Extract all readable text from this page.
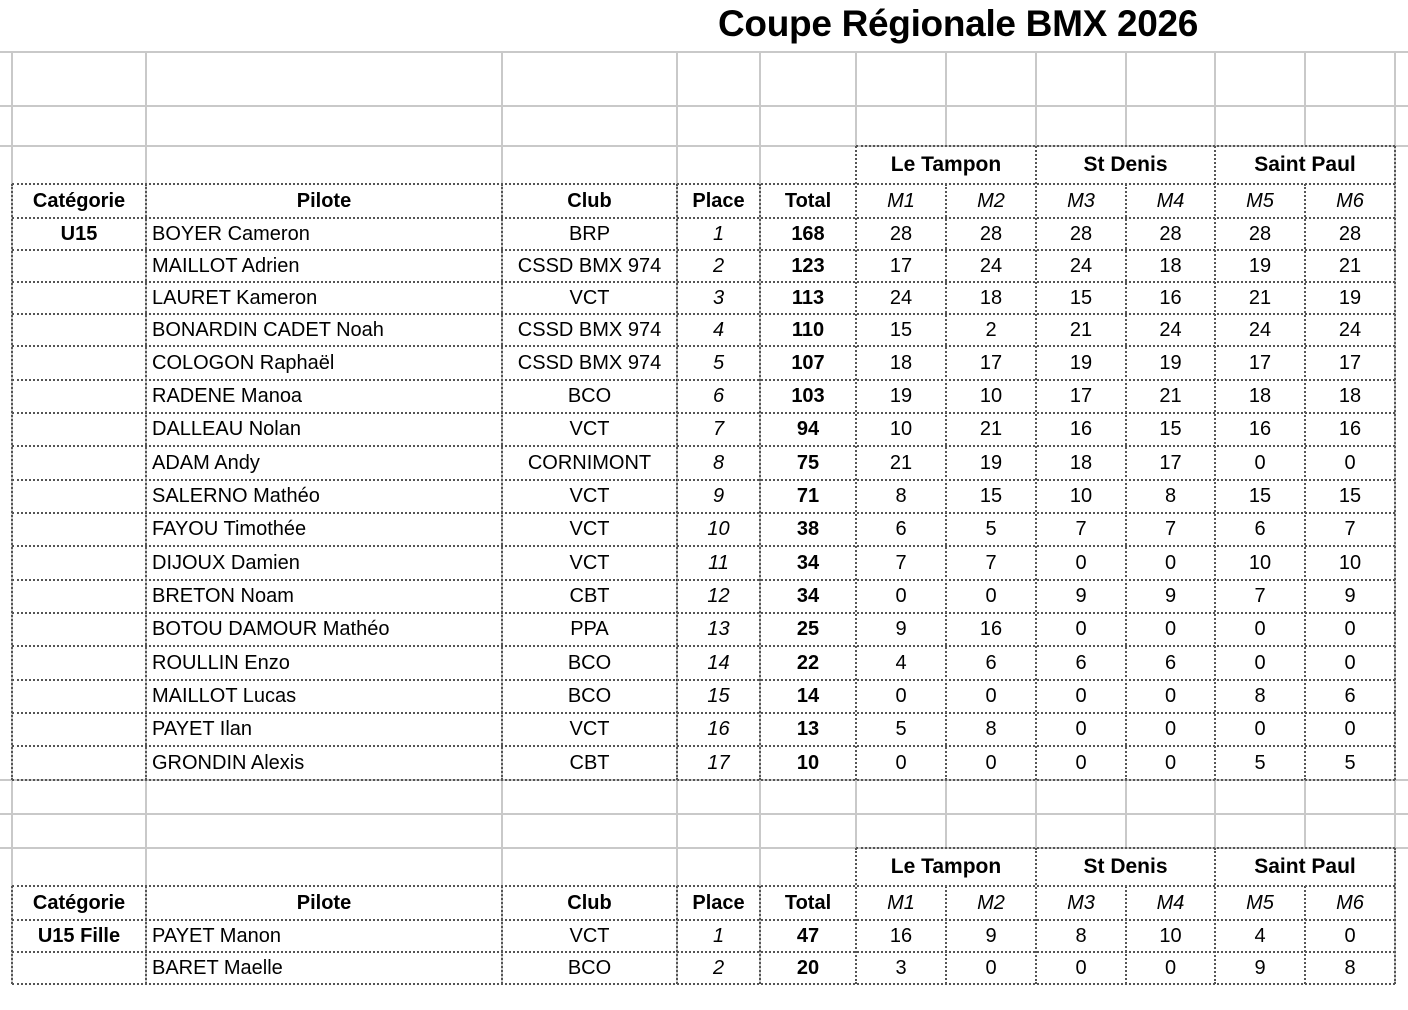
Coupe Régionale BMX 2026
Le Tampon	St Denis	Saint Paul
Catégorie	Pilote	Club	Place	Total	M1	M2	M3	M4	M5	M6
U15	BOYER Cameron	BRP	1	168	28	28	28	28	28	28
MAILLOT Adrien	CSSD BMX 974	2	123	17	24	24	18	19	21
LAURET Kameron	VCT	3	113	24	18	15	16	21	19
BONARDIN CADET Noah	CSSD BMX 974	4	110	15	2	21	24	24	24
COLOGON Raphaël	CSSD BMX 974	5	107	18	17	19	19	17	17
RADENE Manoa	BCO	6	103	19	10	17	21	18	18
DALLEAU Nolan	VCT	7	94	10	21	16	15	16	16
ADAM Andy	CORNIMONT	8	75	21	19	18	17	0	0
SALERNO Mathéo	VCT	9	71	8	15	10	8	15	15
FAYOU Timothée	VCT	10	38	6	5	7	7	6	7
DIJOUX Damien	VCT	11	34	7	7	0	0	10	10
BRETON Noam	CBT	12	34	0	0	9	9	7	9
BOTOU DAMOUR Mathéo	PPA	13	25	9	16	0	0	0	0
ROULLIN Enzo	BCO	14	22	4	6	6	6	0	0
MAILLOT Lucas	BCO	15	14	0	0	0	0	8	6
PAYET Ilan	VCT	16	13	5	8	0	0	0	0
GRONDIN Alexis	CBT	17	10	0	0	0	0	5	5
Le Tampon	St Denis	Saint Paul
Catégorie	Pilote	Club	Place	Total	M1	M2	M3	M4	M5	M6
U15 Fille	PAYET Manon	VCT	1	47	16	9	8	10	4	0
BARET Maelle	BCO	2	20	3	0	0	0	9	8
